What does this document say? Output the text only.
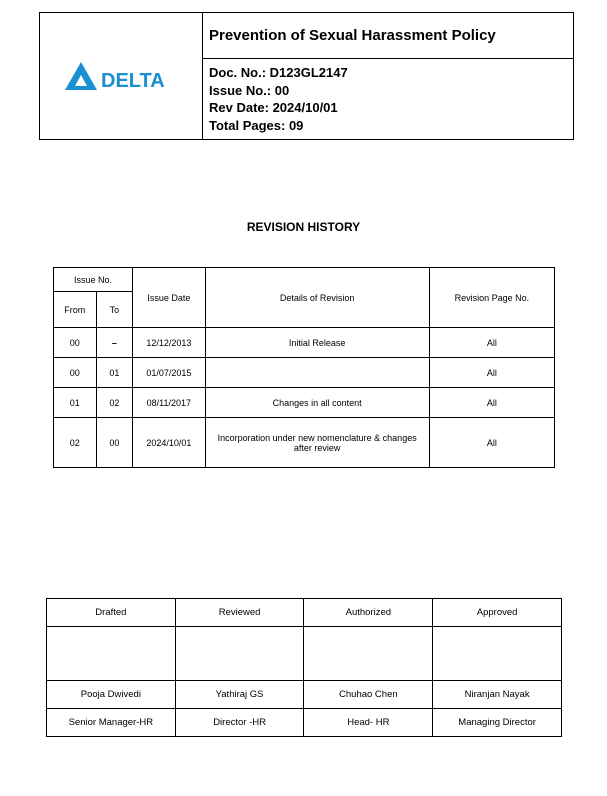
DELTA
Prevention of Sexual Harassment Policy
Doc. No.: D123GL2147
Issue No.: 00
Rev Date: 2024/10/01
Total Pages: 09
REVISION HISTORY
Issue No.		Issue Date	Details of Revision	Revision Page No.
From	To			
00	–	12/12/2013	Initial Release	All
00	01	01/07/2015		All
01	02	08/11/2017	Changes in all content	All
02	00	2024/10/01	Incorporation under new nomenclature & changes after review	All
Drafted	Reviewed	Authorized	Approved

Pooja Dwivedi	Yathiraj GS	Chuhao Chen	Niranjan Nayak
Senior Manager-HR	Director -HR	Head- HR	Managing Director
